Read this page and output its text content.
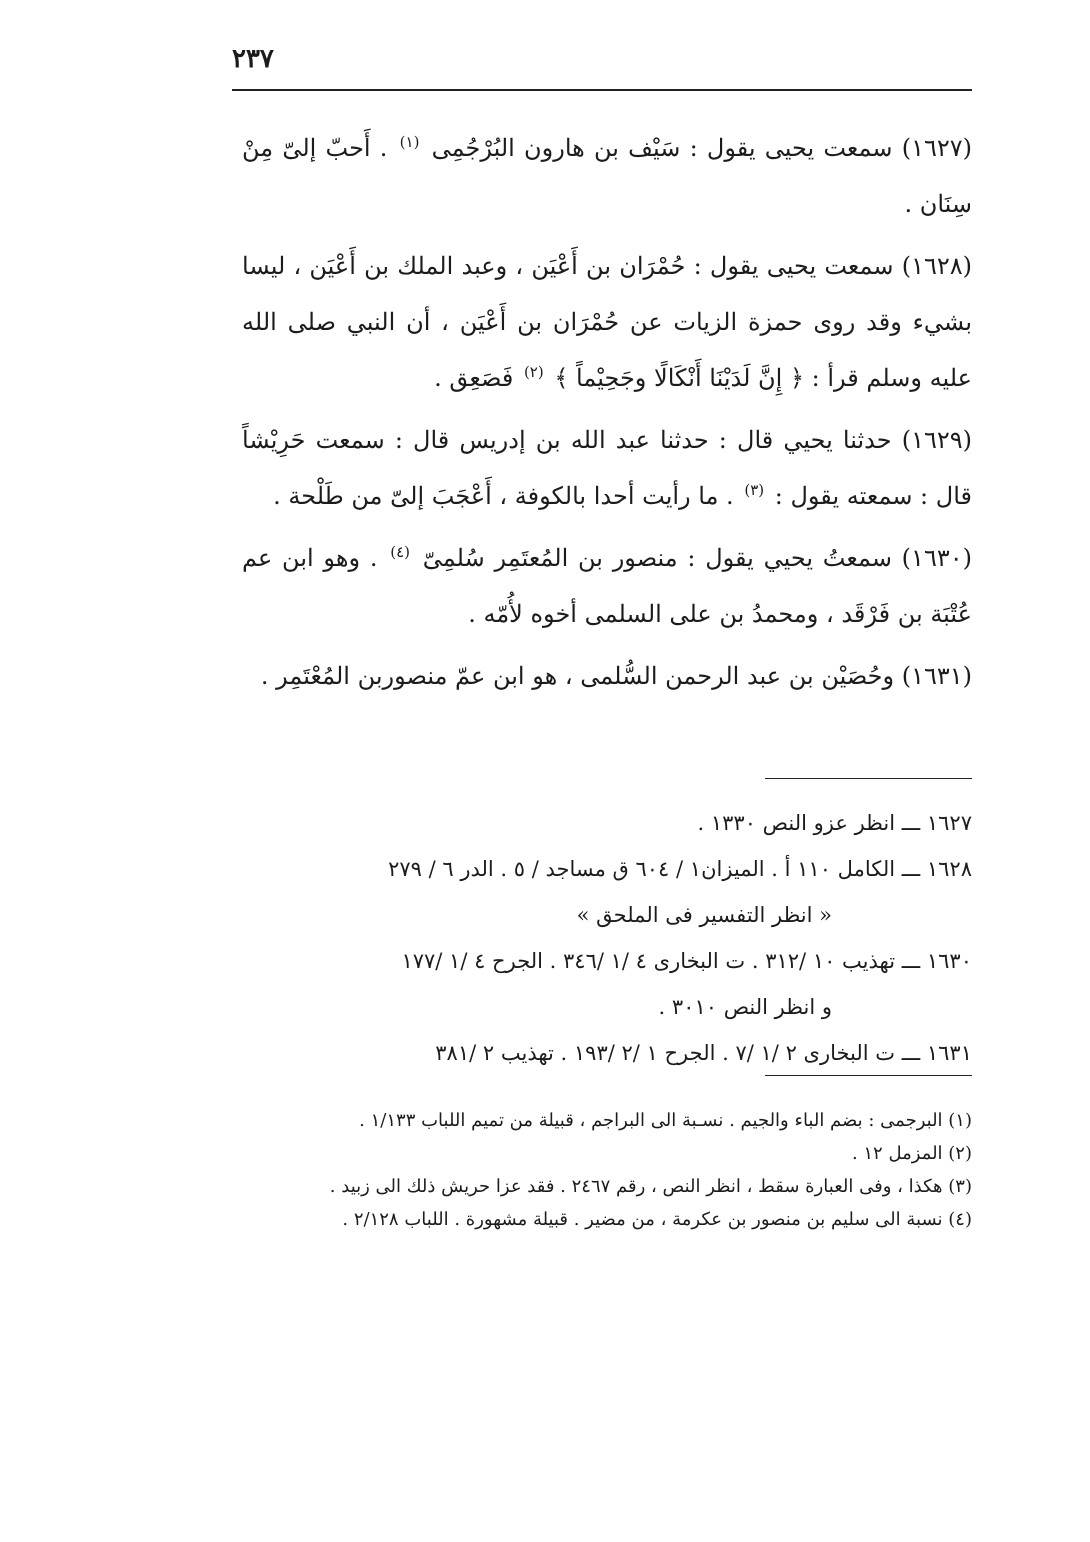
٢٣٧

(١٦٢٧) سمعت يحيى يقول : سَيْف بن هارون البُرْجُمِى $^{(١)}$ . أَحبّ إلىّ مِنْ سِنَان .

(١٦٢٨) سمعت يحيى يقول : حُمْرَان بن أَعْيَن ، وعبد الملك بن أَعْيَن ، ليسا بشيء وقد روى حمزة الزيات عن حُمْرَان بن أَعْيَن ، أن النبي صلى الله عليه وسلم قرأ : ﴿ إِنَّ لَدَيْنَا أَنْكَالًا وجَحِيْماً ﴾ $^{(٢)}$ فَصَعِق .

(١٦٢٩) حدثنا يحيي قال : حدثنا عبد الله بن إدريس قال : سمعت حَرِيْشاً قال : سمعته يقول : $^{(٣)}$ . ما رأيت أحدا بالكوفة ، أَعْجَبَ إلىّ من طَلْحة .

(١٦٣٠) سمعتُ يحيي يقول : منصور بن المُعتَمِر سُلمِىّ $^{(٤)}$ . وهو ابن عم عُتْبَة بن فَرْقَد ، ومحمدُ بن على السلمى أخوه لأُمّه .

(١٦٣١) وحُصَيْن بن عبد الرحمن السُّلمى ، هو ابن عمّ منصوربن المُعْتَمِر .

١٦٢٧ ـــ انظر عزو النص ١٣٣٠ .

١٦٢٨ ـــ الكامل ١١٠ أ . الميزان١ / ٦٠٤ ق مساجد / ٥ . الدر ٦ / ٢٧٩

« انظر التفسير فى الملحق »

١٦٣٠ ـــ تهذيب ١٠ /٣١٢ . ت البخارى ٤ /١ /٣٤٦ . الجرح ٤ /١ /١٧٧

و انظر النص ٣٠١٠ .

١٦٣١ ـــ ت البخارى ٢ /١ /٧ . الجرح ١ /٢ /١٩٣ . تهذيب ٢ /٣٨١

(١) البرجمى : بضم الباء والجيم . نسـبة الى البراجم ، قبيلة من تميم اللباب ١/١٣٣ .

(٢) المزمل ١٢ .

(٣) هكذا ، وفى العبارة سقط ، انظر النص ، رقم ٢٤٦٧ . فقد عزا حريش ذلك الى زبيد .

(٤) نسبة الى سليم بن منصور بن عكرمة ، من مضير . قبيلة مشهورة . اللباب ٢/١٢٨ .
